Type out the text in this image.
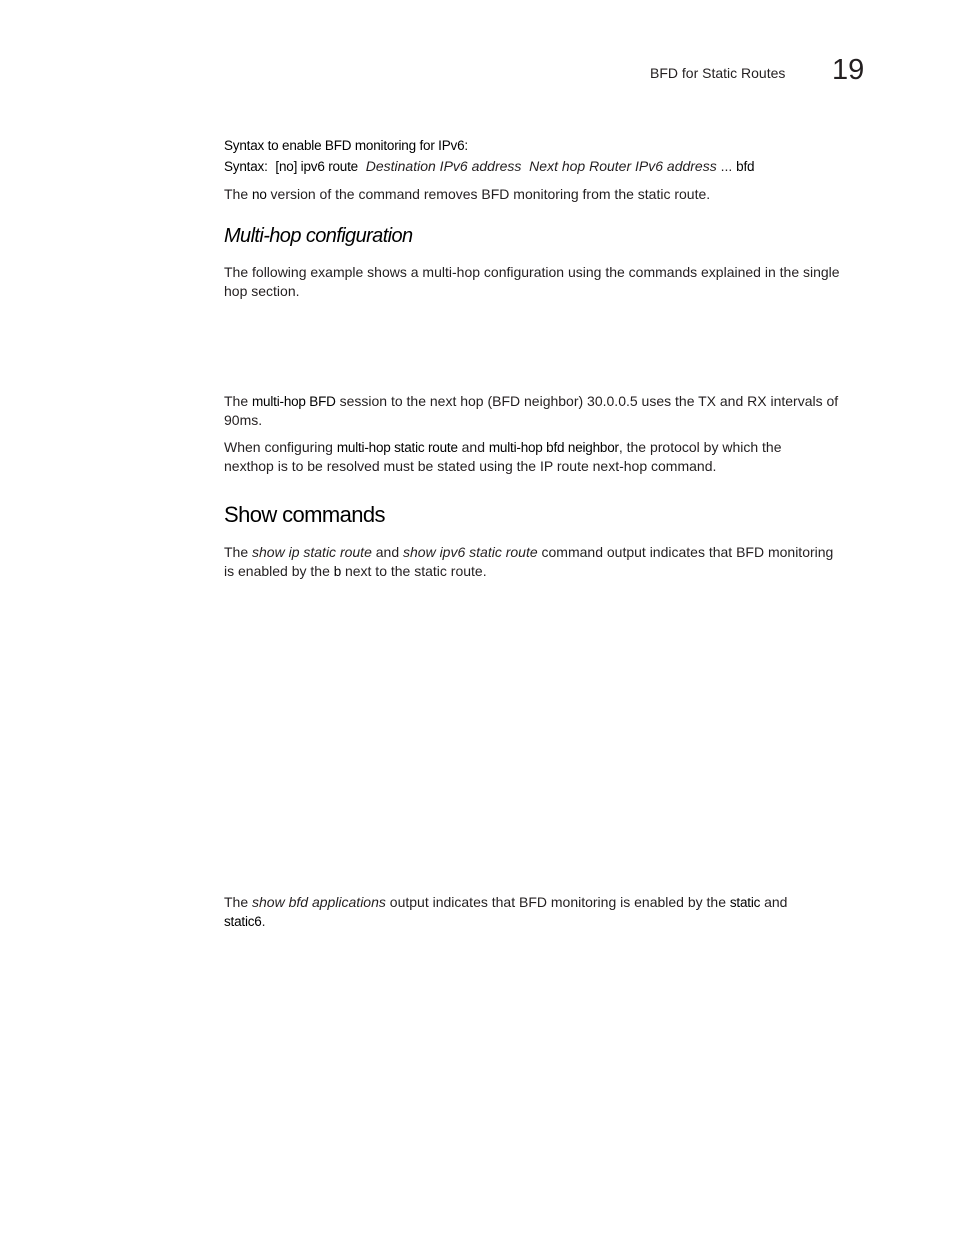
BFD for Static Routes 19
Syntax to enable BFD monitoring for IPv6:
Syntax: [no] ipv6 route Destination IPv6 address Next hop Router IPv6 address ... bfd
The no version of the command removes BFD monitoring from the static route.
Multi-hop configuration
The following example shows a multi-hop configuration using the commands explained in the single
hop section.
The multi-hop BFD session to the next hop (BFD neighbor) 30.0.0.5 uses the TX and RX intervals of
90ms.
When configuring multi-hop static route and multi-hop bfd neighbor, the protocol by which the
nexthop is to be resolved must be stated using the IP route next-hop command.
Show commands
The show ip static route and show ipv6 static route command output indicates that BFD monitoring
is enabled by the b next to the static route.
The show bfd applications output indicates that BFD monitoring is enabled by the static and
static6.
